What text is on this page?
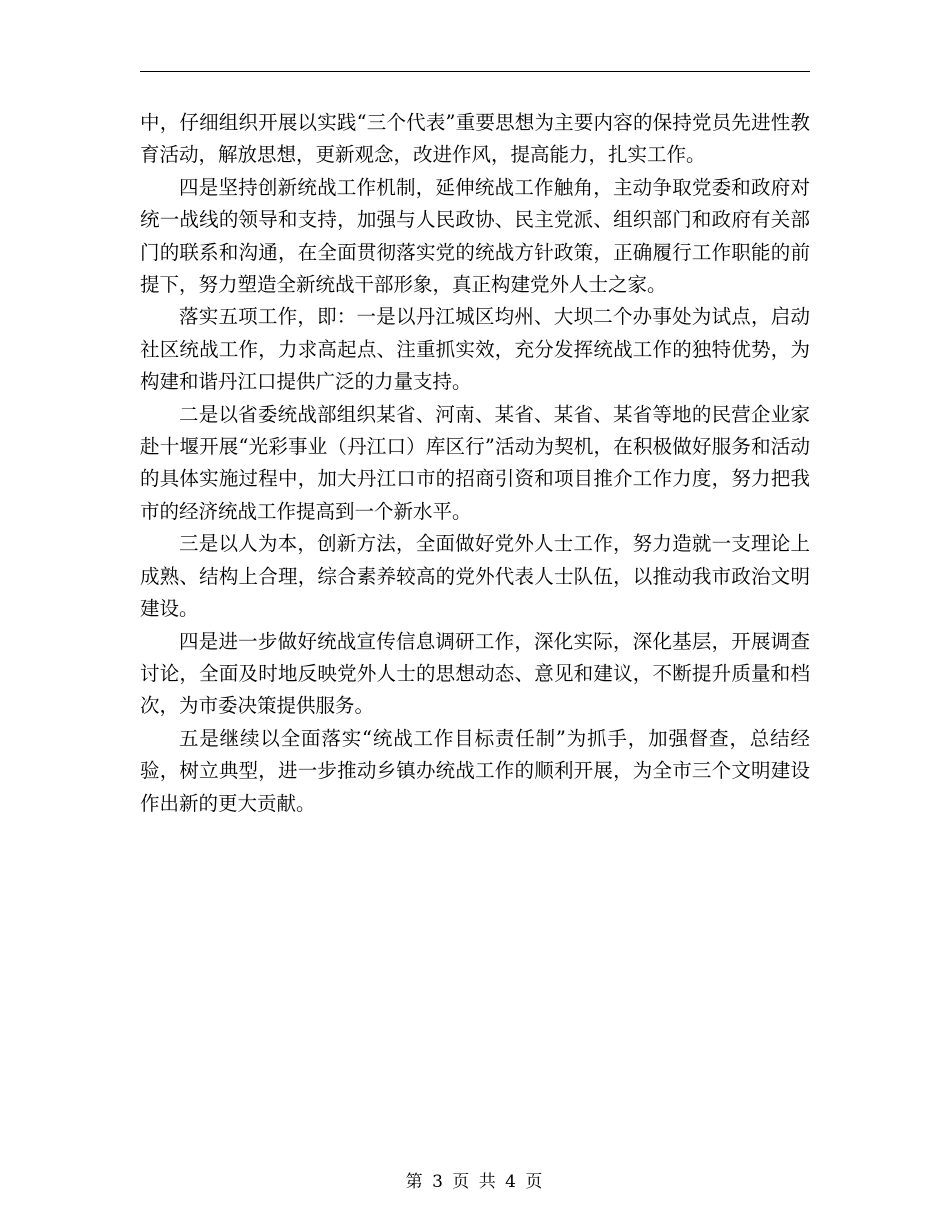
中，仔细组织开展以实践“三个代表”重要思想为主要内容的保持党员先进性教育活动，解放思想，更新观念，改进作风，提高能力，扎实工作。

四是坚持创新统战工作机制，延伸统战工作触角，主动争取党委和政府对统一战线的领导和支持，加强与人民政协、民主党派、组织部门和政府有关部门的联系和沟通，在全面贯彻落实党的统战方针政策，正确履行工作职能的前提下，努力塑造全新统战干部形象，真正构建党外人士之家。

落实五项工作，即：一是以丹江城区均州、大坝二个办事处为试点，启动社区统战工作，力求高起点、注重抓实效，充分发挥统战工作的独特优势，为构建和谐丹江口提供广泛的力量支持。

二是以省委统战部组织某省、河南、某省、某省、某省等地的民营企业家赴十堰开展“光彩事业（丹江口）库区行”活动为契机，在积极做好服务和活动的具体实施过程中，加大丹江口市的招商引资和项目推介工作力度，努力把我市的经济统战工作提高到一个新水平。

三是以人为本，创新方法，全面做好党外人士工作，努力造就一支理论上成熟、结构上合理，综合素养较高的党外代表人士队伍，以推动我市政治文明建设。

四是进一步做好统战宣传信息调研工作，深化实际，深化基层，开展调查讨论，全面及时地反映党外人士的思想动态、意见和建议，不断提升质量和档次，为市委决策提供服务。

五是继续以全面落实“统战工作目标责任制”为抓手，加强督查，总结经验，树立典型，进一步推动乡镇办统战工作的顺利开展，为全市三个文明建设作出新的更大贡献。

第 3 页 共 4 页
